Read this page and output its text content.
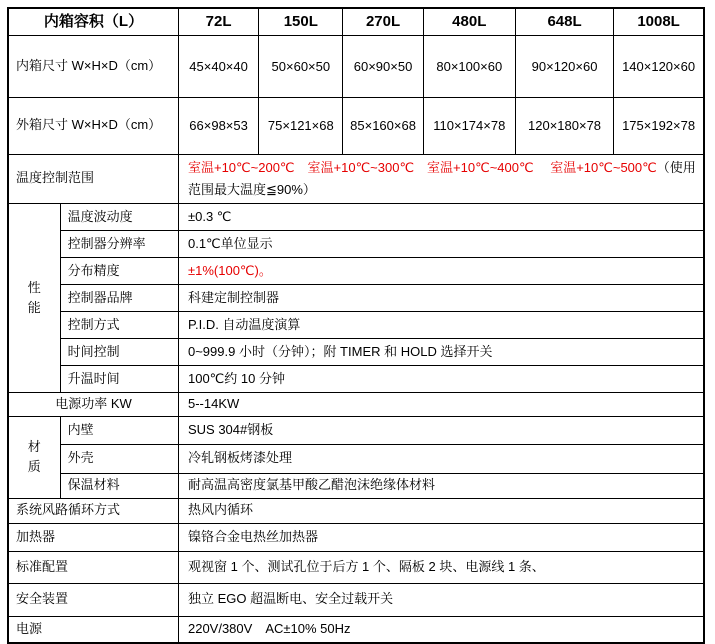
内箱容积（L）		72L	150L	270L	480L	648L	1008L
内箱尺寸 W×H×D（cm）		45×40×40	50×60×50	60×90×50	80×100×60	90×120×60	140×120×60
外箱尺寸 W×H×D（cm）		66×98×53	75×121×68	85×160×68	110×174×78	120×180×78	175×192×78
温度控制范围		室温+10℃~200℃　室温+10℃~300℃　室温+10℃~400℃　 室温+10℃~500℃（使用范围最大温度≦90%）					
性能	温度波动度	±0.3 ℃					
	控制器分辨率	0.1℃单位显示					
	分布精度	±1%(100℃)。					
	控制器品牌	科建定制控制器					
	控制方式	P.I.D. 自动温度演算					
	时间控制	0~999.9 小时（分钟）；附 TIMER 和 HOLD 选择开关					
	升温时间	100℃约 10 分钟					
电源功率 KW		5--14KW					
材质	内壁	SUS 304#钢板					
	外壳	冷轧钢板烤漆处理					
	保温材料	耐高温高密度氯基甲酸乙醋泡沫绝缘体材料					
系统风路循环方式		热风内循环					
加热器		镍铬合金电热丝加热器					
标准配置		观视窗 1 个、测试孔位于后方 1 个、隔板 2 块、电源线 1 条、					
安全装置		独立 EGO 超温断电、安全过载开关					
电源		220V/380V　AC±10% 50Hz					
